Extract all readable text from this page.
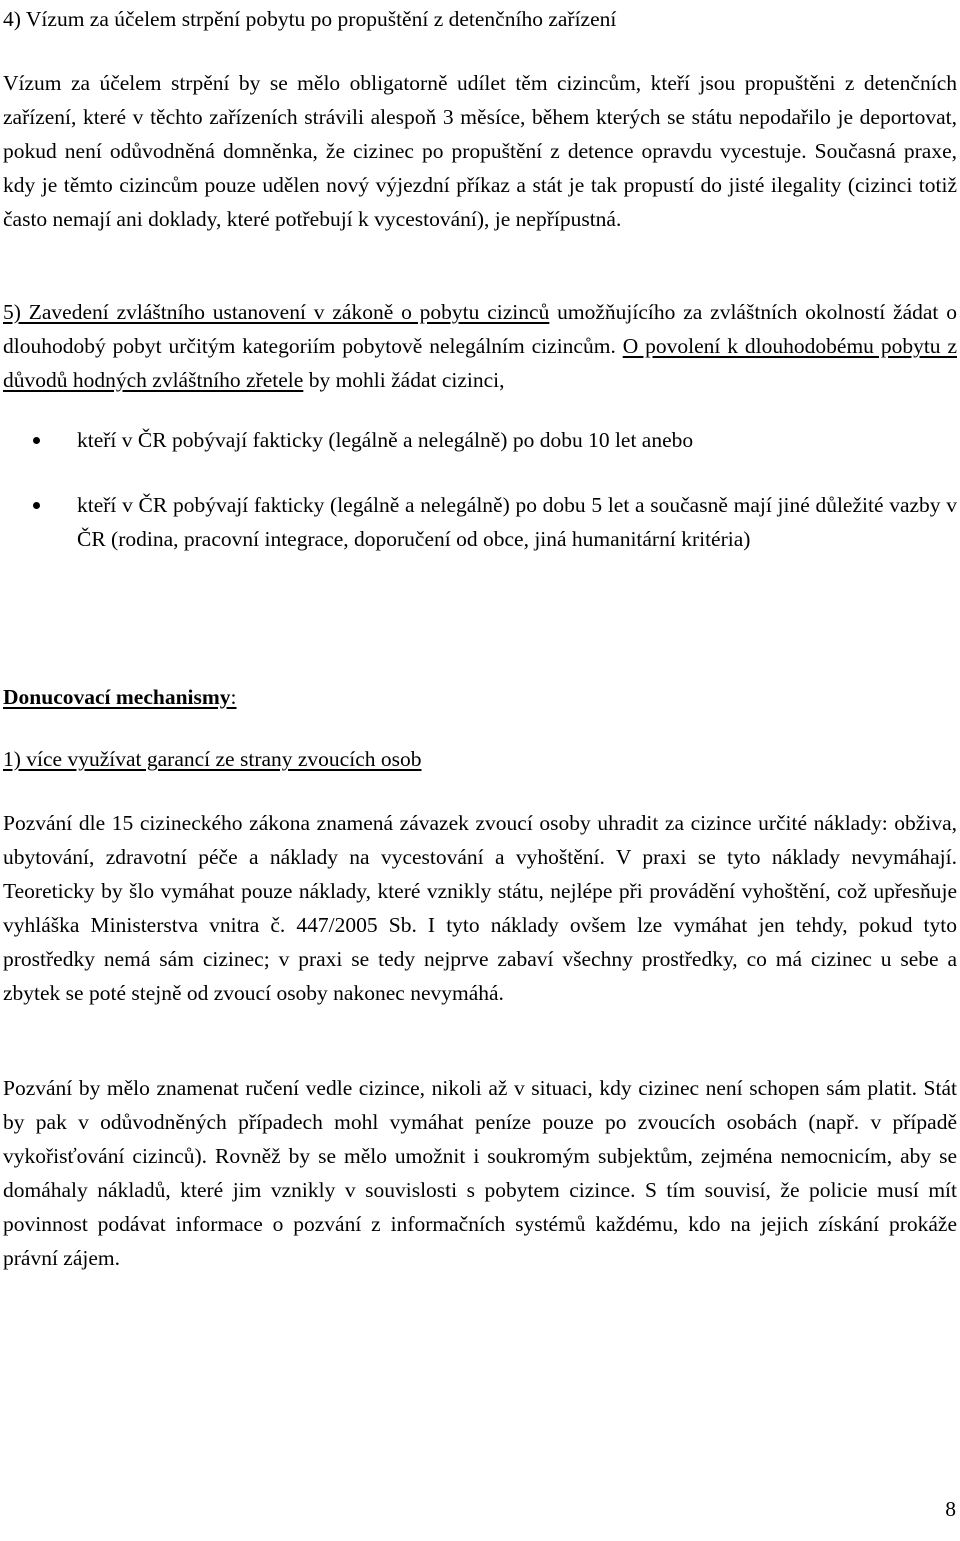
4) Vízum za účelem strpění pobytu po propuštění z detenčního zařízení

Vízum za účelem strpění by se mělo obligatorně udílet těm cizincům, kteří jsou propuštěni z detenčních zařízení, které v těchto zařízeních strávili alespoň 3 měsíce, během kterých se státu nepodařilo je deportovat, pokud není odůvodněná domněnka, že cizinec po propuštění z detence opravdu vycestuje. Současná praxe, kdy je těmto cizincům pouze udělen nový výjezdní příkaz a stát je tak propustí do jisté ilegality (cizinci totiž často nemají ani doklady, které potřebují k vycestování), je nepřípustná.

5) Zavedení zvláštního ustanovení v zákoně o pobytu cizinců umožňujícího za zvláštních okolností žádat o dlouhodobý pobyt určitým kategoriím pobytově nelegálním cizincům. O povolení k dlouhodobému pobytu z důvodů hodných zvláštního zřetele by mohli žádat cizinci,

kteří v ČR pobývají fakticky (legálně a nelegálně) po dobu 10 let anebo
kteří v ČR pobývají fakticky (legálně a nelegálně) po dobu 5 let a současně mají jiné důležité vazby v ČR (rodina, pracovní integrace, doporučení od obce, jiná humanitární kritéria)

Donucovací mechanismy:

1) více využívat garancí ze strany zvoucích osob

Pozvání dle 15 cizineckého zákona znamená závazek zvoucí osoby uhradit za cizince určité náklady: obživa, ubytování, zdravotní péče a náklady na vycestování a vyhoštění. V praxi se tyto náklady nevymáhají. Teoreticky by šlo vymáhat pouze náklady, které vznikly státu, nejlépe při provádění vyhoštění, což upřesňuje vyhláška Ministerstva vnitra č. 447/2005 Sb. I tyto náklady ovšem lze vymáhat jen tehdy, pokud tyto prostředky nemá sám cizinec; v praxi se tedy nejprve zabaví všechny prostředky, co má cizinec u sebe a zbytek se poté stejně od zvoucí osoby nakonec nevymáhá.

Pozvání by mělo znamenat ručení vedle cizince, nikoli až v situaci, kdy cizinec není schopen sám platit. Stát by pak v odůvodněných případech mohl vymáhat peníze pouze po zvoucích osobách (např. v případě vykořisťování cizinců). Rovněž by se mělo umožnit i soukromým subjektům, zejména nemocnicím, aby se domáhaly nákladů, které jim vznikly v souvislosti s pobytem cizince. S tím souvisí, že policie musí mít povinnost podávat informace o pozvání z informačních systémů každému, kdo na jejich získání prokáže právní zájem.

8
